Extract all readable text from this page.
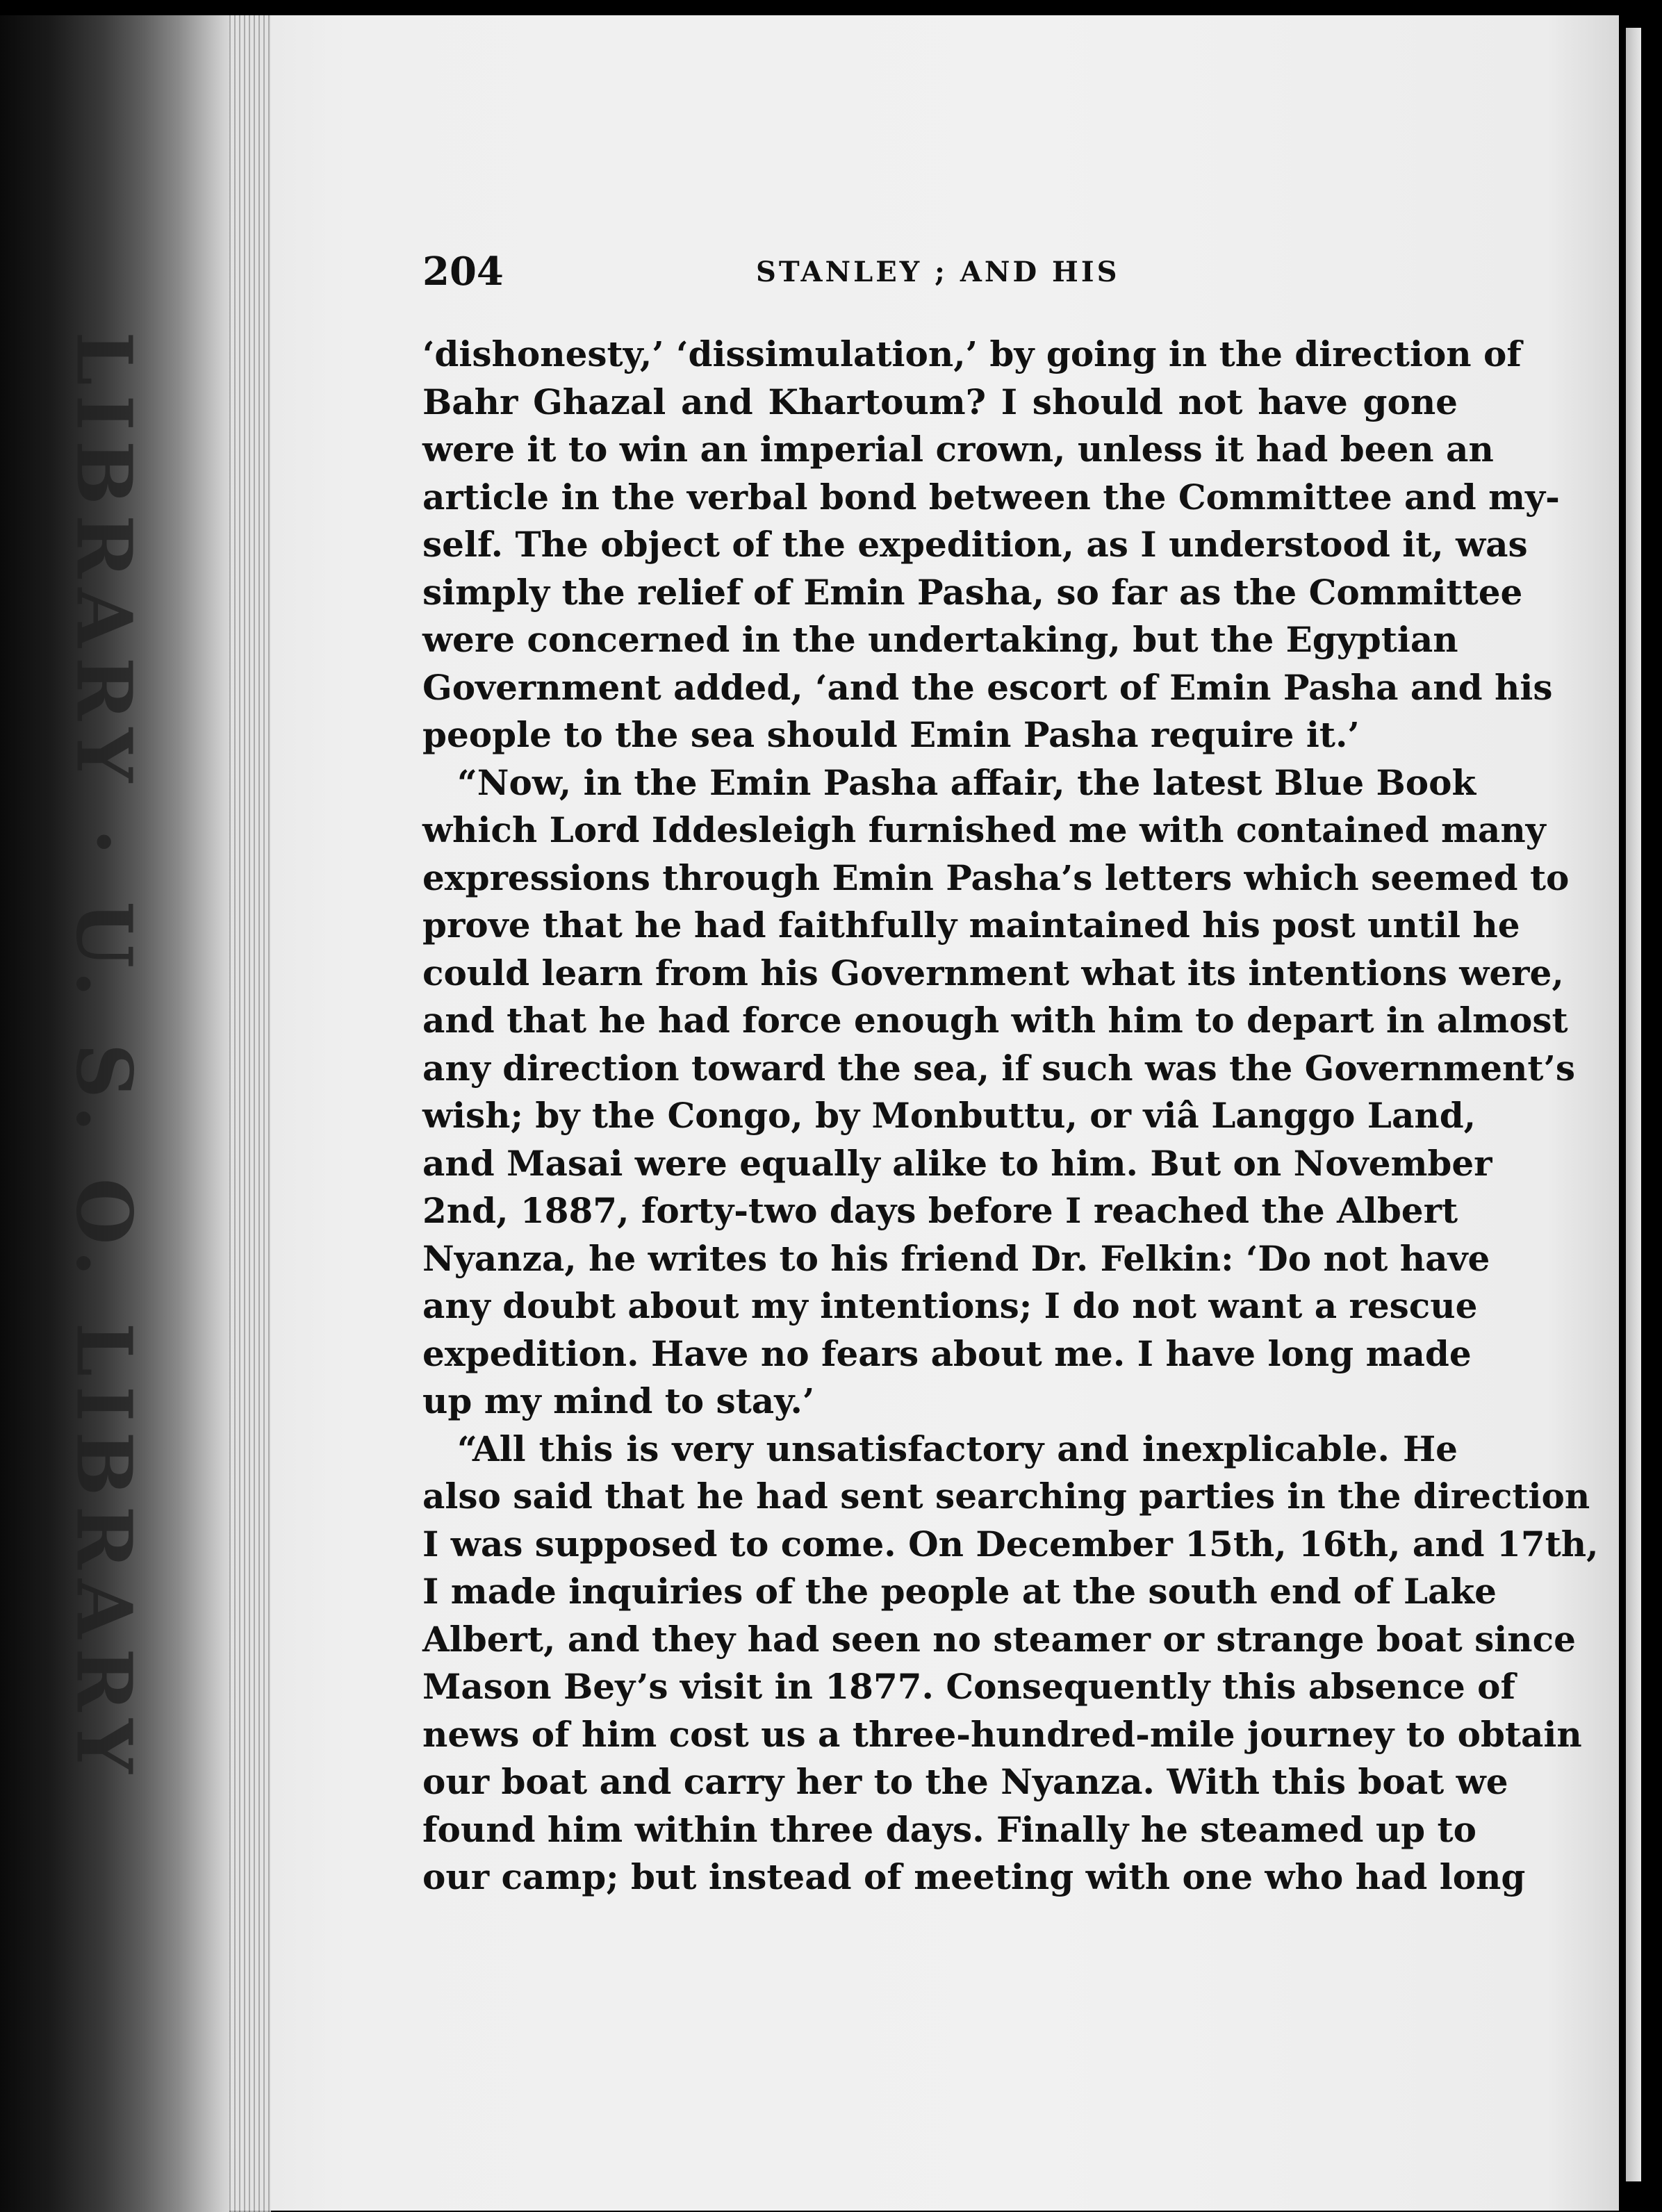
LIBRARY · U. S. O. LIBRARY
204	STANLEY ; AND HIS
‘dishonesty,’ ‘dissimulation,’ by going in the direction of
Bahr Ghazal and Khartoum? I should not have gone
were it to win an imperial crown, unless it had been an
article in the verbal bond between the Committee and my-
self. The object of the expedition, as I understood it, was
simply the relief of Emin Pasha, so far as the Committee
were concerned in the undertaking, but the Egyptian
Government added, ‘and the escort of Emin Pasha and his
people to the sea should Emin Pasha require it.’
“Now, in the Emin Pasha affair, the latest Blue Book
which Lord Iddesleigh furnished me with contained many
expressions through Emin Pasha’s letters which seemed to
prove that he had faithfully maintained his post until he
could learn from his Government what its intentions were,
and that he had force enough with him to depart in almost
any direction toward the sea, if such was the Government’s
wish; by the Congo, by Monbuttu, or viâ Langgo Land,
and Masai were equally alike to him. But on November
2nd, 1887, forty-two days before I reached the Albert
Nyanza, he writes to his friend Dr. Felkin: ‘Do not have
any doubt about my intentions; I do not want a rescue
expedition. Have no fears about me. I have long made
up my mind to stay.’
“All this is very unsatisfactory and inexplicable. He
also said that he had sent searching parties in the direction
I was supposed to come. On December 15th, 16th, and 17th,
I made inquiries of the people at the south end of Lake
Albert, and they had seen no steamer or strange boat since
Mason Bey’s visit in 1877. Consequently this absence of
news of him cost us a three-hundred-mile journey to obtain
our boat and carry her to the Nyanza. With this boat we
found him within three days. Finally he steamed up to
our camp; but instead of meeting with one who had long
